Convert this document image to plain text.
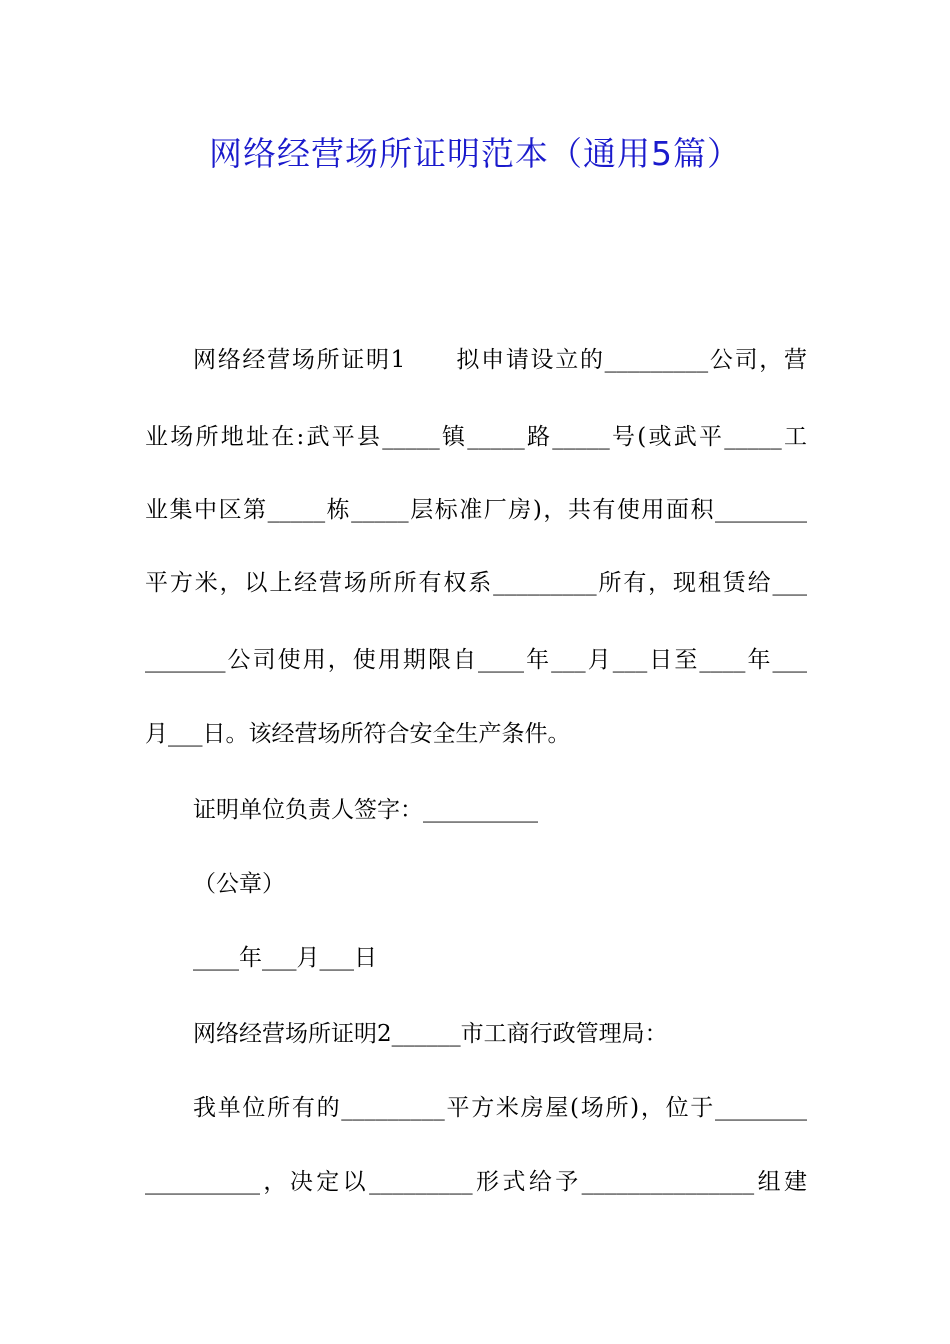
网络经营场所证明范本（通用5篇）
网络经营场所证明1　　拟申请设立的_________公司，营
业场所地址在:武平县_____镇_____路_____号(或武平_____工
业集中区第_____栋_____层标准厂房)，共有使用面积________
平方米，以上经营场所所有权系_________所有，现租赁给___
_______公司使用，使用期限自____年___月___日至____年___
月___日。该经营场所符合安全生产条件。
证明单位负责人签字：__________
（公章）
____年___月___日
网络经营场所证明2______市工商行政管理局：
我单位所有的_________平方米房屋(场所)，位于________
__________，决定以_________形式给予_______________组建
